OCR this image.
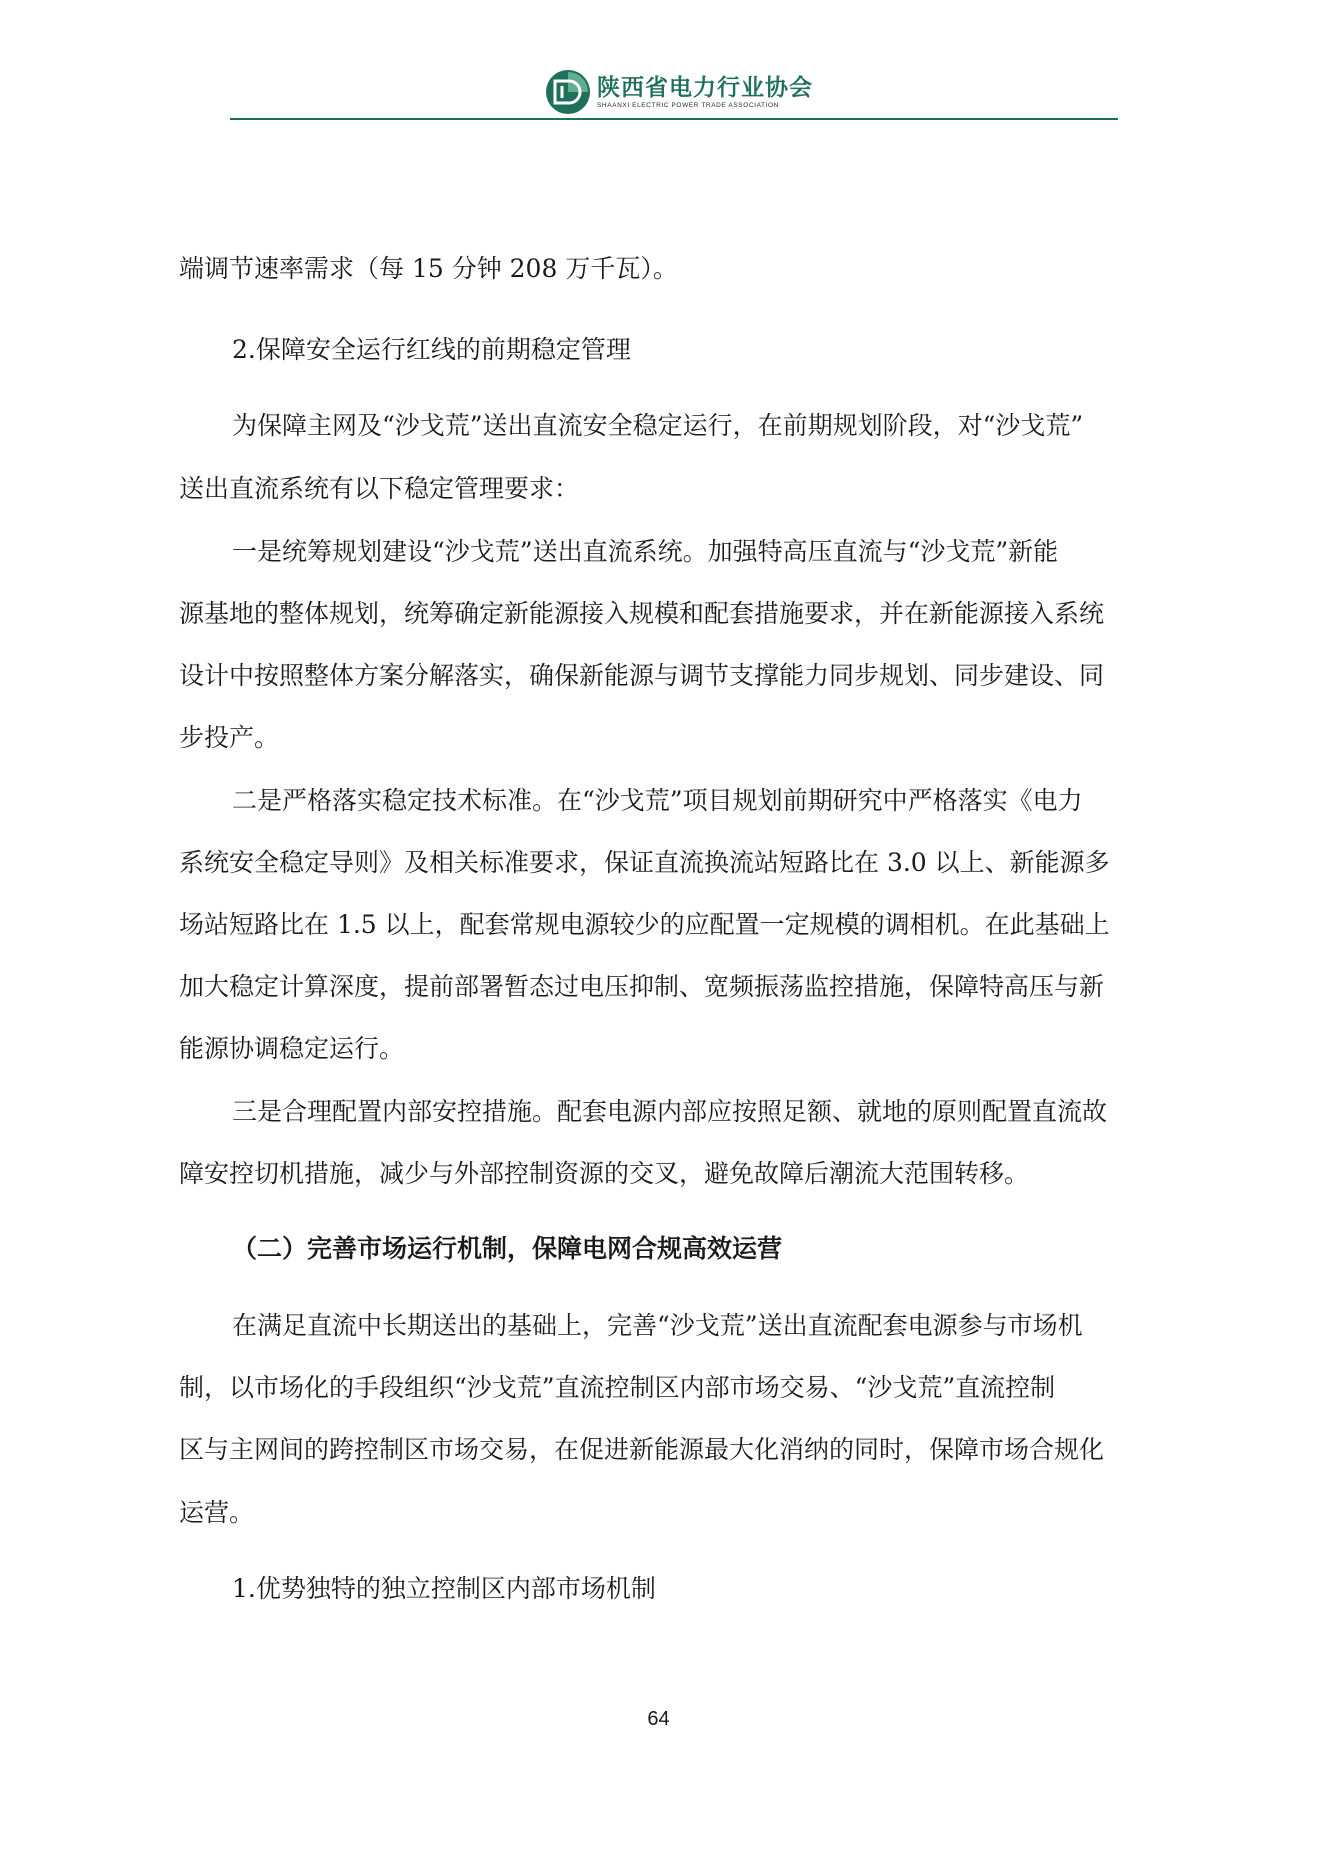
陕西省电力行业协会
SHAANXI ELECTRIC POWER TRADE ASSOCIATION
端调节速率需求（每 15 分钟 208 万千瓦）。
2.保障安全运行红线的前期稳定管理
为保障主网及“沙戈荒”送出直流安全稳定运行，在前期规划阶段，对“沙戈荒”
送出直流系统有以下稳定管理要求：
一是统筹规划建设“沙戈荒”送出直流系统。加强特高压直流与“沙戈荒”新能
源基地的整体规划，统筹确定新能源接入规模和配套措施要求，并在新能源接入系统
设计中按照整体方案分解落实，确保新能源与调节支撑能力同步规划、同步建设、同
步投产。
二是严格落实稳定技术标准。在“沙戈荒”项目规划前期研究中严格落实《电力
系统安全稳定导则》及相关标准要求，保证直流换流站短路比在 3.0 以上、新能源多
场站短路比在 1.5 以上，配套常规电源较少的应配置一定规模的调相机。在此基础上
加大稳定计算深度，提前部署暂态过电压抑制、宽频振荡监控措施，保障特高压与新
能源协调稳定运行。
三是合理配置内部安控措施。配套电源内部应按照足额、就地的原则配置直流故
障安控切机措施，减少与外部控制资源的交叉，避免故障后潮流大范围转移。
（二）完善市场运行机制，保障电网合规高效运营
在满足直流中长期送出的基础上，完善“沙戈荒”送出直流配套电源参与市场机
制，以市场化的手段组织“沙戈荒”直流控制区内部市场交易、“沙戈荒”直流控制
区与主网间的跨控制区市场交易，在促进新能源最大化消纳的同时，保障市场合规化
运营。
1.优势独特的独立控制区内部市场机制
64
